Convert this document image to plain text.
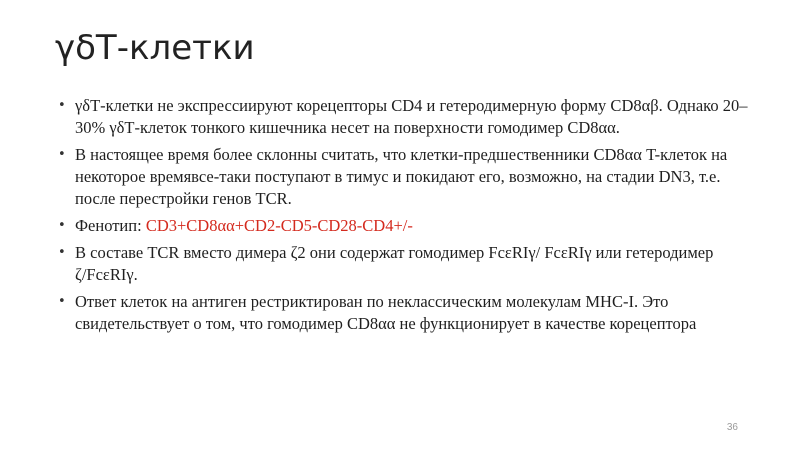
γδТ-клетки
• γδТ-клетки не экспрессиируют корецепторы CD4 и гетеродимерную форму CD8αβ. Однако 20–30% γδТ-клеток тонкого кишечника несет на поверхности гомодимер CD8αα.
• В настоящее время более склонны считать, что клетки-предшественники CD8αα T-клеток на некоторое времявсе-таки поступают в тимус и покидают его, возможно, на стадии DN3, т.е. после перестройки генов TCR.
• Фенотип: CD3+CD8αα+CD2-CD5-CD28-CD4+/-
• В составе TCR вместо димера ζ2 они содержат гомодимер FcεRIγ/ FcεRIγ или гетеродимер ζ/FcεRIγ.
• Ответ клеток на антиген рестриктирован по неклассическим молекулам MHC-I. Это свидетельствует о том, что гомодимер CD8αα не функционирует в качестве корецептора
36
